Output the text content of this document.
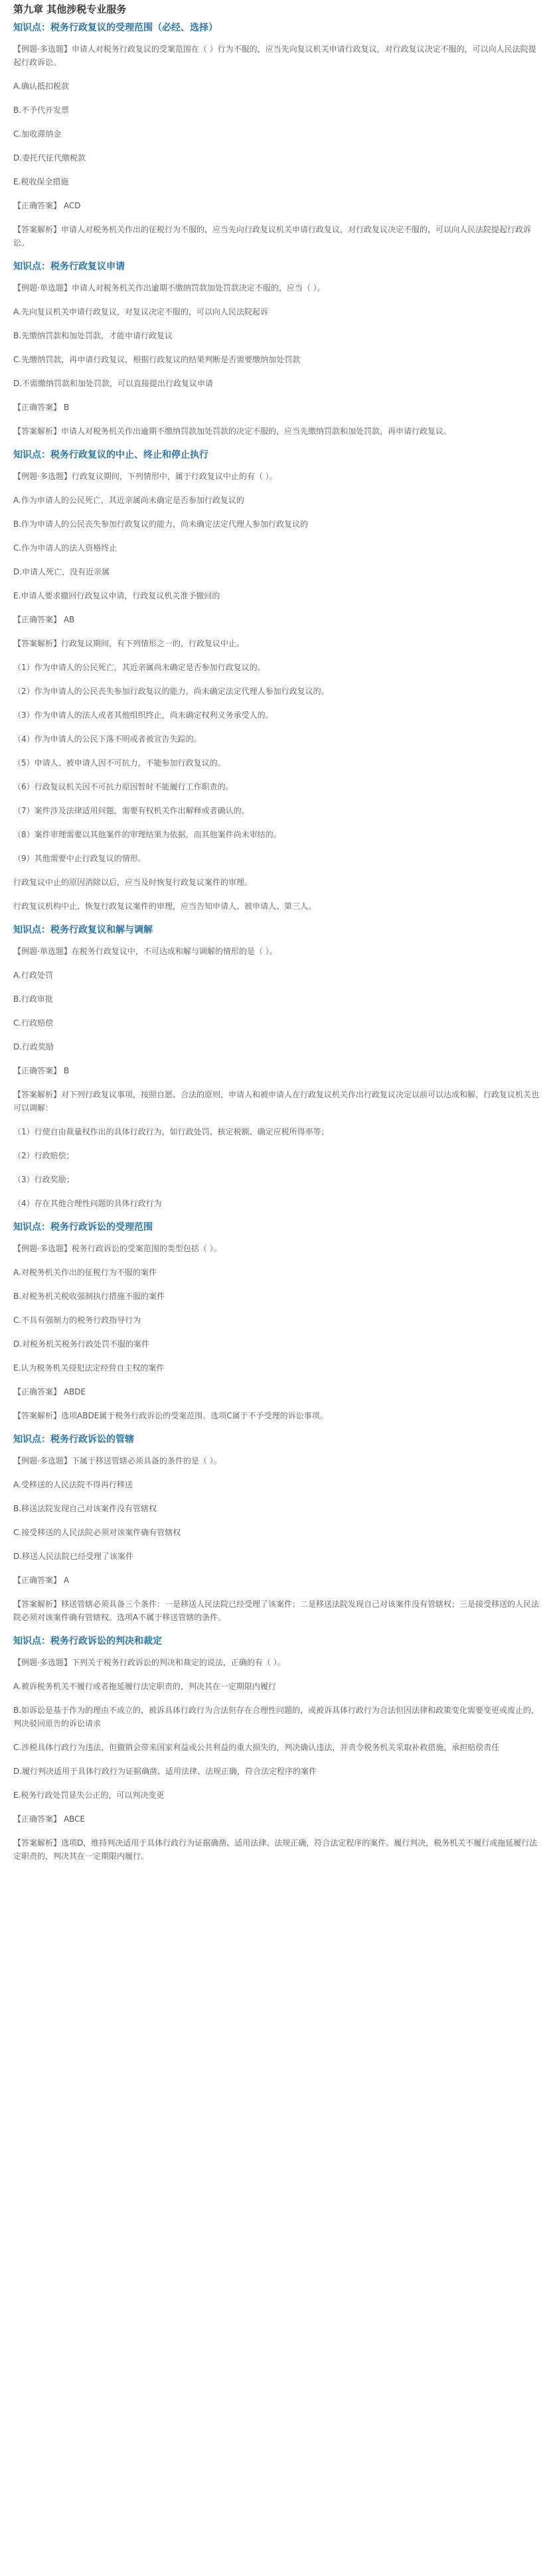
第九章 其他涉税专业服务
知识点：税务行政复议的受理范围（必经、选择）
【例题·多选题】申请人对税务行政复议的受案范围在（ ）行为不服的，应当先向复议机关申请行政复议，对行政复议决定不服的，可以向人民法院提起行政诉讼。
A.确认抵扣税款
B.不予代开发票
C.加收滞纳金
D.委托代征代缴税款
E.税收保全措施
【正确答案】 ACD
【答案解析】申请人对税务机关作出的征税行为不服的，应当先向行政复议机关申请行政复议，对行政复议决定不服的，可以向人民法院提起行政诉讼。
知识点：税务行政复议申请
【例题·单选题】申请人对税务机关作出逾期不缴纳罚款加处罚款决定不服的，应当（ ）。
A.先向复议机关申请行政复议，对复议决定不服的，可以向人民法院起诉
B.先缴纳罚款和加处罚款，才能申请行政复议
C.先缴纳罚款，再申请行政复议，根据行政复议的结果判断是否需要缴纳加处罚款
D.不需缴纳罚款和加处罚款，可以直接提出行政复议申请
【正确答案】 B
【答案解析】申请人对税务机关作出逾期不缴纳罚款加处罚款的决定不服的，应当先缴纳罚款和加处罚款，再申请行政复议。
知识点：税务行政复议的中止、终止和停止执行
【例题·多选题】行政复议期间，下列情形中，属于行政复议中止的有（ ）。
A.作为申请人的公民死亡，其近亲属尚未确定是否参加行政复议的
B.作为申请人的公民丧失参加行政复议的能力，尚未确定法定代理人参加行政复议的
C.作为申请人的法人资格终止
D.申请人死亡，没有近亲属
E.申请人要求撤回行政复议申请，行政复议机关准予撤回的
【正确答案】 AB
【答案解析】行政复议期间，有下列情形之一的，行政复议中止。
（1）作为申请人的公民死亡，其近亲属尚未确定是否参加行政复议的。
（2）作为申请人的公民丧失参加行政复议的能力，尚未确定法定代理人参加行政复议的。
（3）作为申请人的法人或者其他组织终止，尚未确定权利义务承受人的。
（4）作为申请人的公民下落不明或者被宣告失踪的。
（5）申请人、被申请人因不可抗力，不能参加行政复议的。
（6）行政复议机关因不可抗力原因暂时不能履行工作职责的。
（7）案件涉及法律适用问题，需要有权机关作出解释或者确认的。
（8）案件审理需要以其他案件的审理结果为依据，而其他案件尚未审结的。
（9）其他需要中止行政复议的情形。
行政复议中止的原因消除以后，应当及时恢复行政复议案件的审理。
行政复议机构中止、恢复行政复议案件的审理，应当告知申请人、被申请人、第三人。
知识点：税务行政复议和解与调解
【例题·单选题】在税务行政复议中，不可达成和解与调解的情形的是（ ）。
A.行政处罚
B.行政审批
C.行政赔偿
D.行政奖励
【正确答案】 B
【答案解析】对下列行政复议事项，按照自愿、合法的原则，申请人和被申请人在行政复议机关作出行政复议决定以前可以达成和解，行政复议机关也可以调解：
（1）行使自由裁量权作出的具体行政行为，如行政处罚、核定税额、确定应税所得率等；
（2）行政赔偿；
（3）行政奖励；
（4）存在其他合理性问题的具体行政行为
知识点：税务行政诉讼的受理范围
【例题·多选题】税务行政诉讼的受案范围的类型包括（ ）。
A.对税务机关作出的征税行为不服的案件
B.对税务机关税收强制执行措施不服的案件
C.不具有强制力的税务行政指导行为
D.对税务机关税务行政处罚不服的案件
E.认为税务机关侵犯法定经营自主权的案件
【正确答案】 ABDE
【答案解析】选项ABDE属于税务行政诉讼的受案范围。选项C属于不予受理的诉讼事项。
知识点：税务行政诉讼的管辖
【例题·多选题】下属于移送管辖必须具备的条件的是（ ）。
A.受移送的人民法院不得再行移送
B.移送法院发现自己对该案件没有管辖权
C.接受移送的人民法院必须对该案件确有管辖权
D.移送人民法院已经受理了该案件
【正确答案】 A
【答案解析】移送管辖必须具备三个条件：一是移送人民法院已经受理了该案件；二是移送法院发现自己对该案件没有管辖权；三是接受移送的人民法院必须对该案件确有管辖权。选项A不属于移送管辖的条件。
知识点：税务行政诉讼的判决和裁定
【例题·多选题】下列关于税务行政诉讼的判决和裁定的说法，正确的有（ ）。
A.被诉税务机关不履行或者拖延履行法定职责的，判决其在一定期限内履行
B.如诉讼是基于作为的理由不成立的，被诉具体行政行为合法但存在合理性问题的，或被诉具体行政行为合法但因法律和政策变化需要变更或废止的，判决驳回原告的诉讼请求
C.涉税具体行政行为违法，但撤销会带来国家利益或公共利益的重大损失的，判决确认违法，并责令税务机关采取补救措施，承担赔偿责任
D.履行判决适用于具体行政行为证据确凿、适用法律、法规正确，符合法定程序的案件
E.税务行政处罚显失公正的，可以判决变更
【正确答案】 ABCE
【答案解析】选项D，维持判决适用于具体行政行为证据确凿、适用法律、法规正确，符合法定程序的案件。履行判决，税务机关不履行或拖延履行法定职责的，判决其在一定期限内履行。
